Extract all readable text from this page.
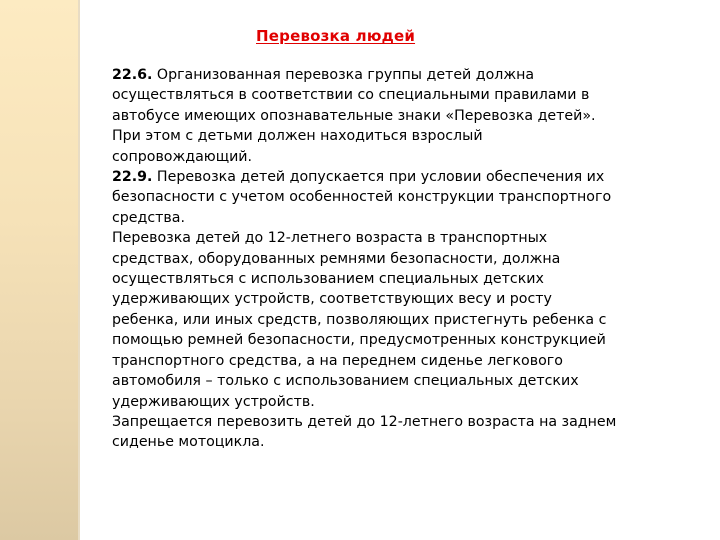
Перевозка людей
22.6. Организованная перевозка группы детей должна
осуществляться в соответствии со специальными правилами в
автобусе имеющих опознавательные знаки «Перевозка детей».
При этом с детьми должен находиться взрослый
сопровождающий.
22.9. Перевозка детей допускается при условии обеспечения их
безопасности с учетом особенностей конструкции транспортного
средства.
Перевозка детей до 12-летнего возраста в транспортных
средствах, оборудованных ремнями безопасности, должна
осуществляться с использованием специальных детских
удерживающих устройств, соответствующих весу и росту
ребенка, или иных средств, позволяющих пристегнуть ребенка с
помощью ремней безопасности, предусмотренных конструкцией
транспортного средства, а на переднем сиденье легкового
автомобиля – только с использованием специальных детских
удерживающих устройств.
Запрещается перевозить детей до 12-летнего возраста на заднем
сиденье мотоцикла.
